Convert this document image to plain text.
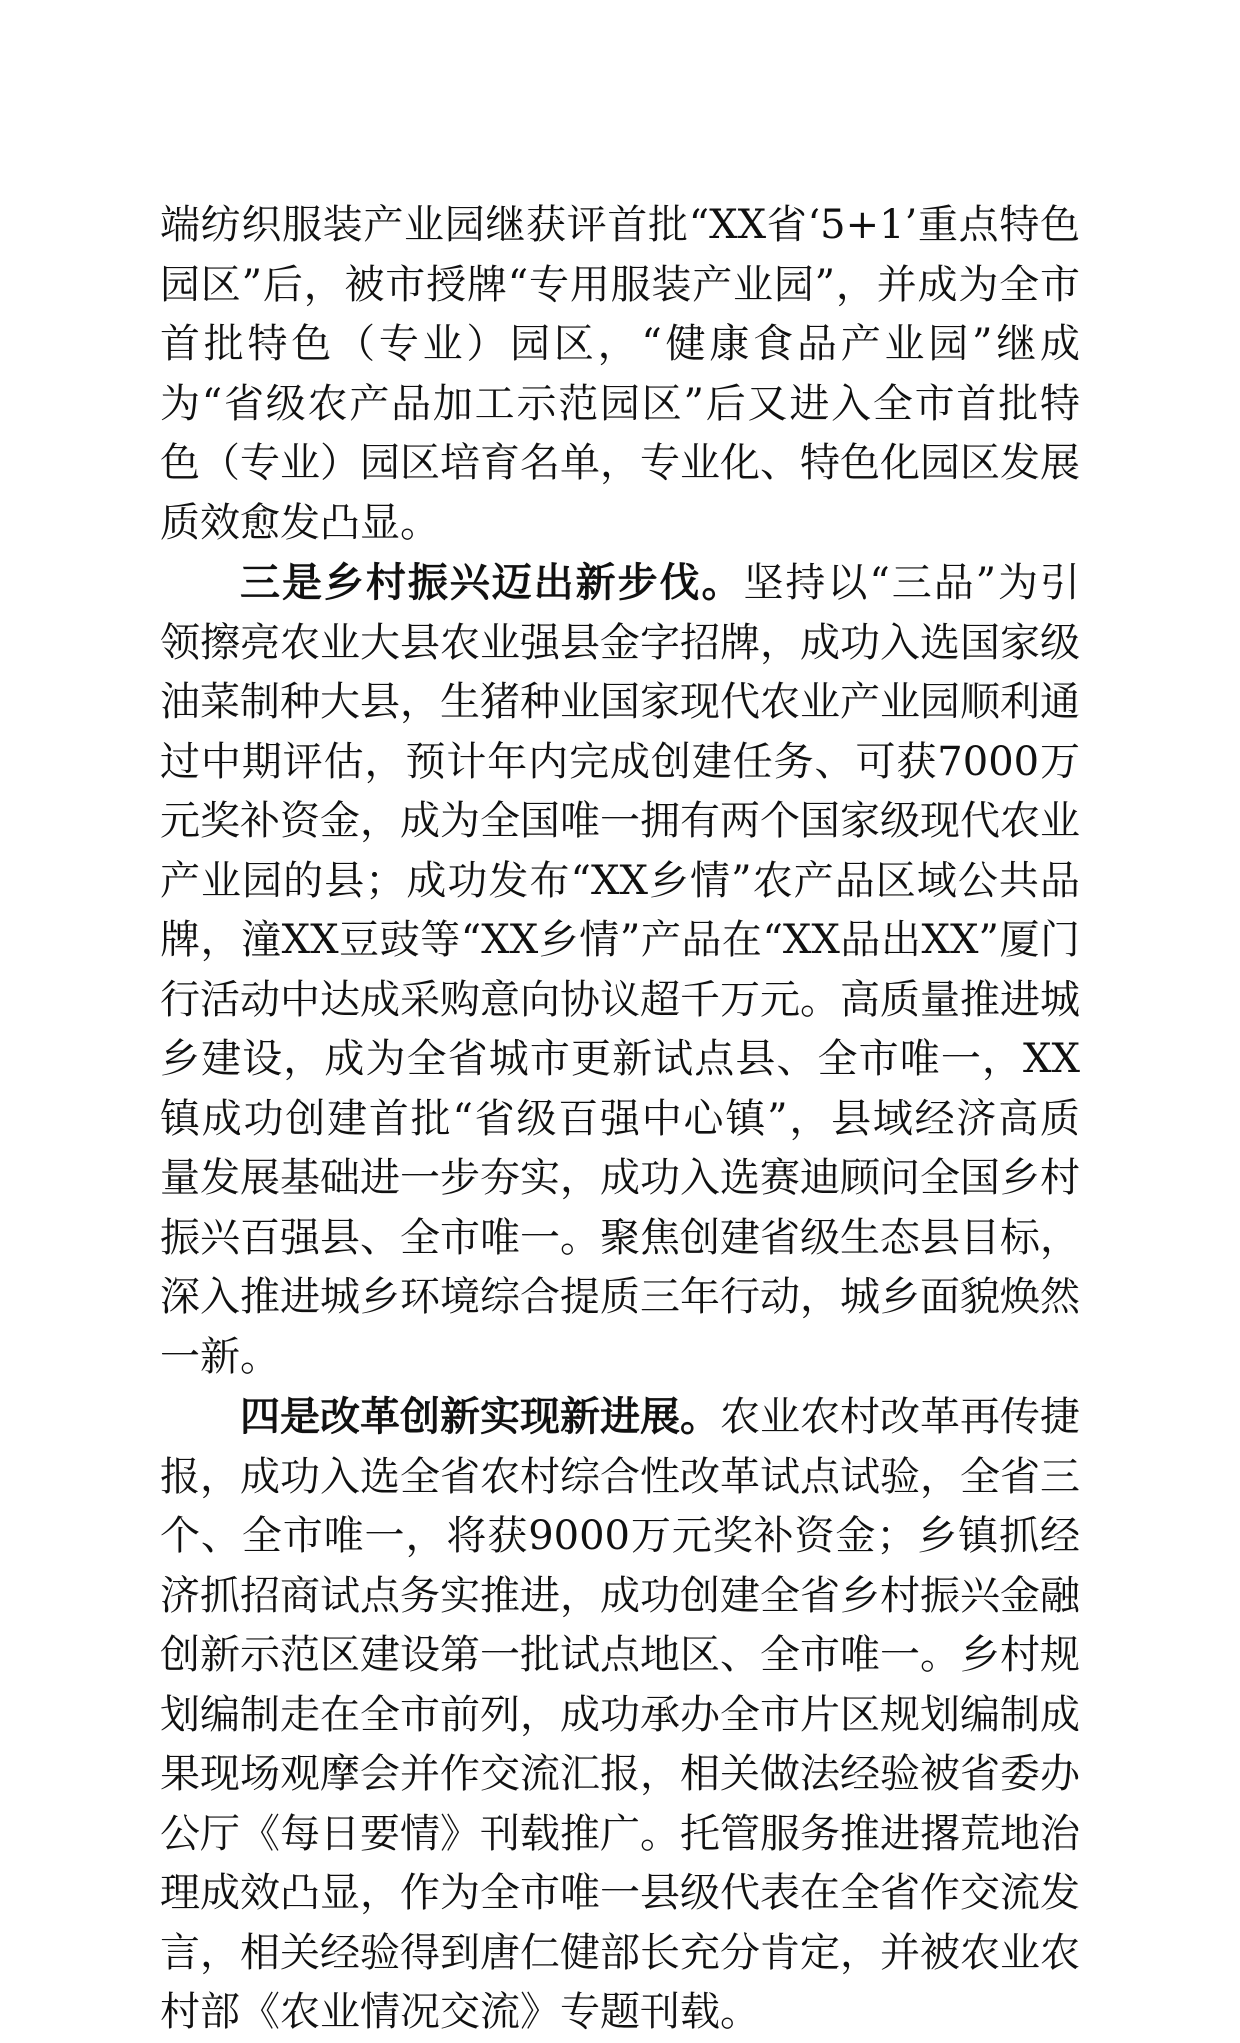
端纺织服装产业园继获评首批“XX省‘5+1’重点特色园区”后，被市授牌“专用服装产业园”，并成为全市首批特色（专业）园区，“健康食品产业园”继成为“省级农产品加工示范园区”后又进入全市首批特色（专业）园区培育名单，专业化、特色化园区发展质效愈发凸显。

三是乡村振兴迈出新步伐。坚持以“三品”为引领擦亮农业大县农业强县金字招牌，成功入选国家级油菜制种大县，生猪种业国家现代农业产业园顺利通过中期评估，预计年内完成创建任务、可获7000万元奖补资金，成为全国唯一拥有两个国家级现代农业产业园的县；成功发布“XX乡情”农产品区域公共品牌，潼XX豆豉等“XX乡情”产品在“XX品出XX”厦门行活动中达成采购意向协议超千万元。高质量推进城乡建设，成为全省城市更新试点县、全市唯一，XX镇成功创建首批“省级百强中心镇”，县域经济高质量发展基础进一步夯实，成功入选赛迪顾问全国乡村振兴百强县、全市唯一。聚焦创建省级生态县目标，深入推进城乡环境综合提质三年行动，城乡面貌焕然一新。

四是改革创新实现新进展。农业农村改革再传捷报，成功入选全省农村综合性改革试点试验，全省三个、全市唯一，将获9000万元奖补资金；乡镇抓经济抓招商试点务实推进，成功创建全省乡村振兴金融创新示范区建设第一批试点地区、全市唯一。乡村规划编制走在全市前列，成功承办全市片区规划编制成果现场观摩会并作交流汇报，相关做法经验被省委办公厅《每日要情》刊载推广。托管服务推进撂荒地治理成效凸显，作为全市唯一县级代表在全省作交流发言，相关经验得到唐仁健部长充分肯定，并被农业农村部《农业情况交流》专题刊载。
